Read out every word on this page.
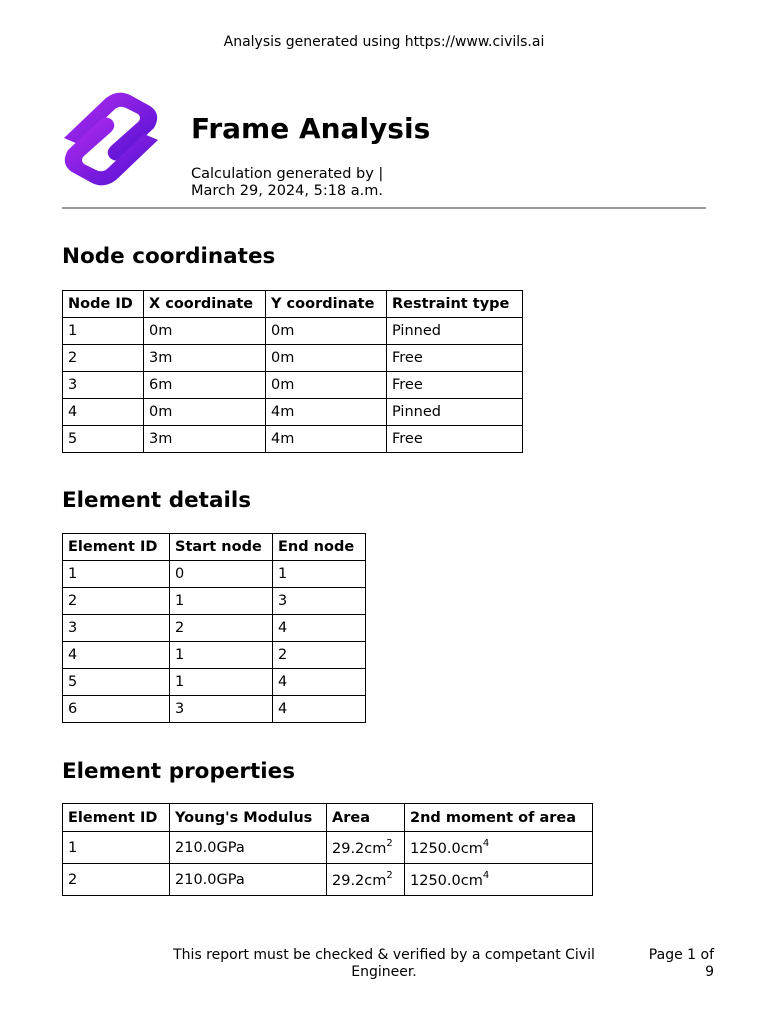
Analysis generated using https://www.civils.ai
Frame Analysis
Calculation generated by |
March 29, 2024, 5:18 a.m.
Node coordinates
Node ID	X coordinate	Y coordinate	Restraint type
1	0m	0m	Pinned
2	3m	0m	Free
3	6m	0m	Free
4	0m	4m	Pinned
5	3m	4m	Free
Element details
Element ID	Start node	End node
1	0	1
2	1	3
3	2	4
4	1	2
5	1	4
6	3	4
Element properties
Element ID	Young's Modulus	Area	2nd moment of area
1	210.0GPa	$29.2cm^2$	$1250.0cm^4$
2	210.0GPa	$29.2cm^2$	$1250.0cm^4$
This report must be checked & verified by a competant Civil Engineer.
Page 1 of 9
